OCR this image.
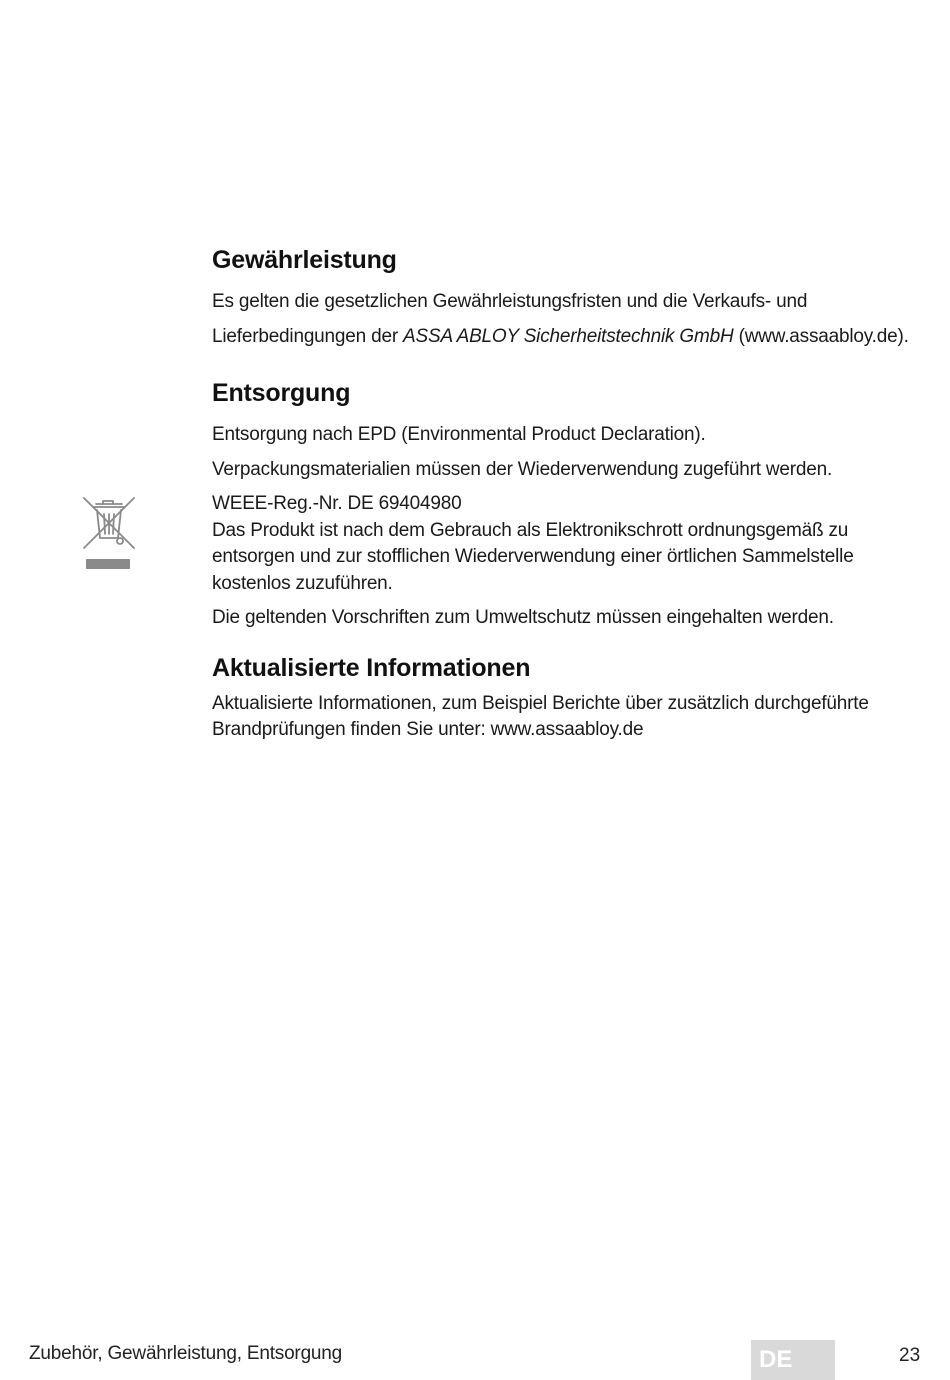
Gewährleistung

Es gelten die gesetzlichen Gewährleistungsfristen und die Verkaufs- und

Lieferbedingungen der ASSA ABLOY Sicherheitstechnik GmbH (www.assaabloy.de).

Entsorgung

Entsorgung nach EPD (Environmental Product Declaration).

Verpackungsmaterialien müssen der Wiederverwendung zugeführt werden.

WEEE-Reg.-Nr. DE 69404980

Das Produkt ist nach dem Gebrauch als Elektronikschrott ordnungsgemäß zu entsorgen und zur stofflichen Wiederverwendung einer örtlichen Sammelstelle kostenlos zuzuführen.

Die geltenden Vorschriften zum Umweltschutz müssen eingehalten werden.

Aktualisierte Informationen

Aktualisierte Informationen, zum Beispiel Berichte über zusätzlich durchgeführte Brandprüfungen finden Sie unter: www.assaabloy.de

Zubehör, Gewährleistung, Entsorgung	DE	23
